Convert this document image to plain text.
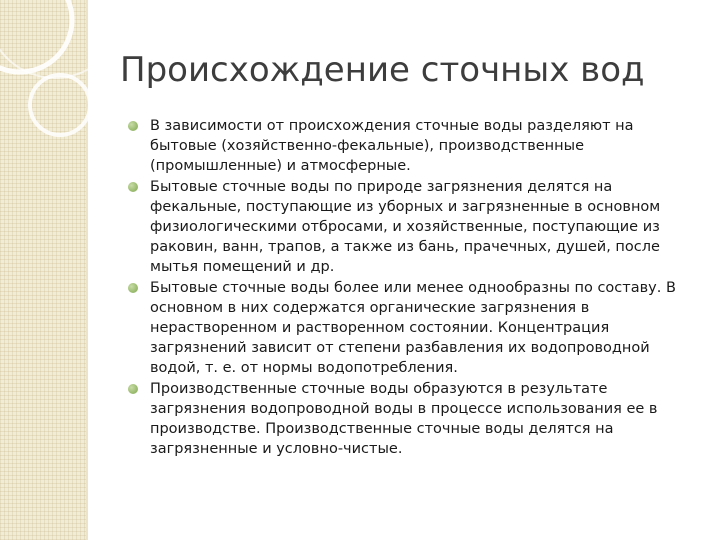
Происхождение сточных вод
В зависимости от происхождения сточные воды разделяют на бытовые (хозяйственно-фекальные), производственные (промышленные) и атмосферные.
Бытовые сточные воды по природе загрязнения делятся на фекальные, поступающие из уборных и загрязненные в основном физиологическими отбросами, и хозяйственные, поступающие из раковин, ванн, трапов, а также из бань, прачечных, душей, после мытья помещений и др.
Бытовые сточные воды более или менее однообразны по составу. В основном в них содержатся органические загрязнения в нерастворенном и растворенном состоянии. Концентрация загрязнений зависит от степени разбавления их водопроводной водой, т. е. от нормы водопотребления.
Производственные сточные воды образуются в результате загрязнения водопроводной воды в процессе использования ее в производстве. Производственные сточные воды делятся на загрязненные и условно-чистые.
